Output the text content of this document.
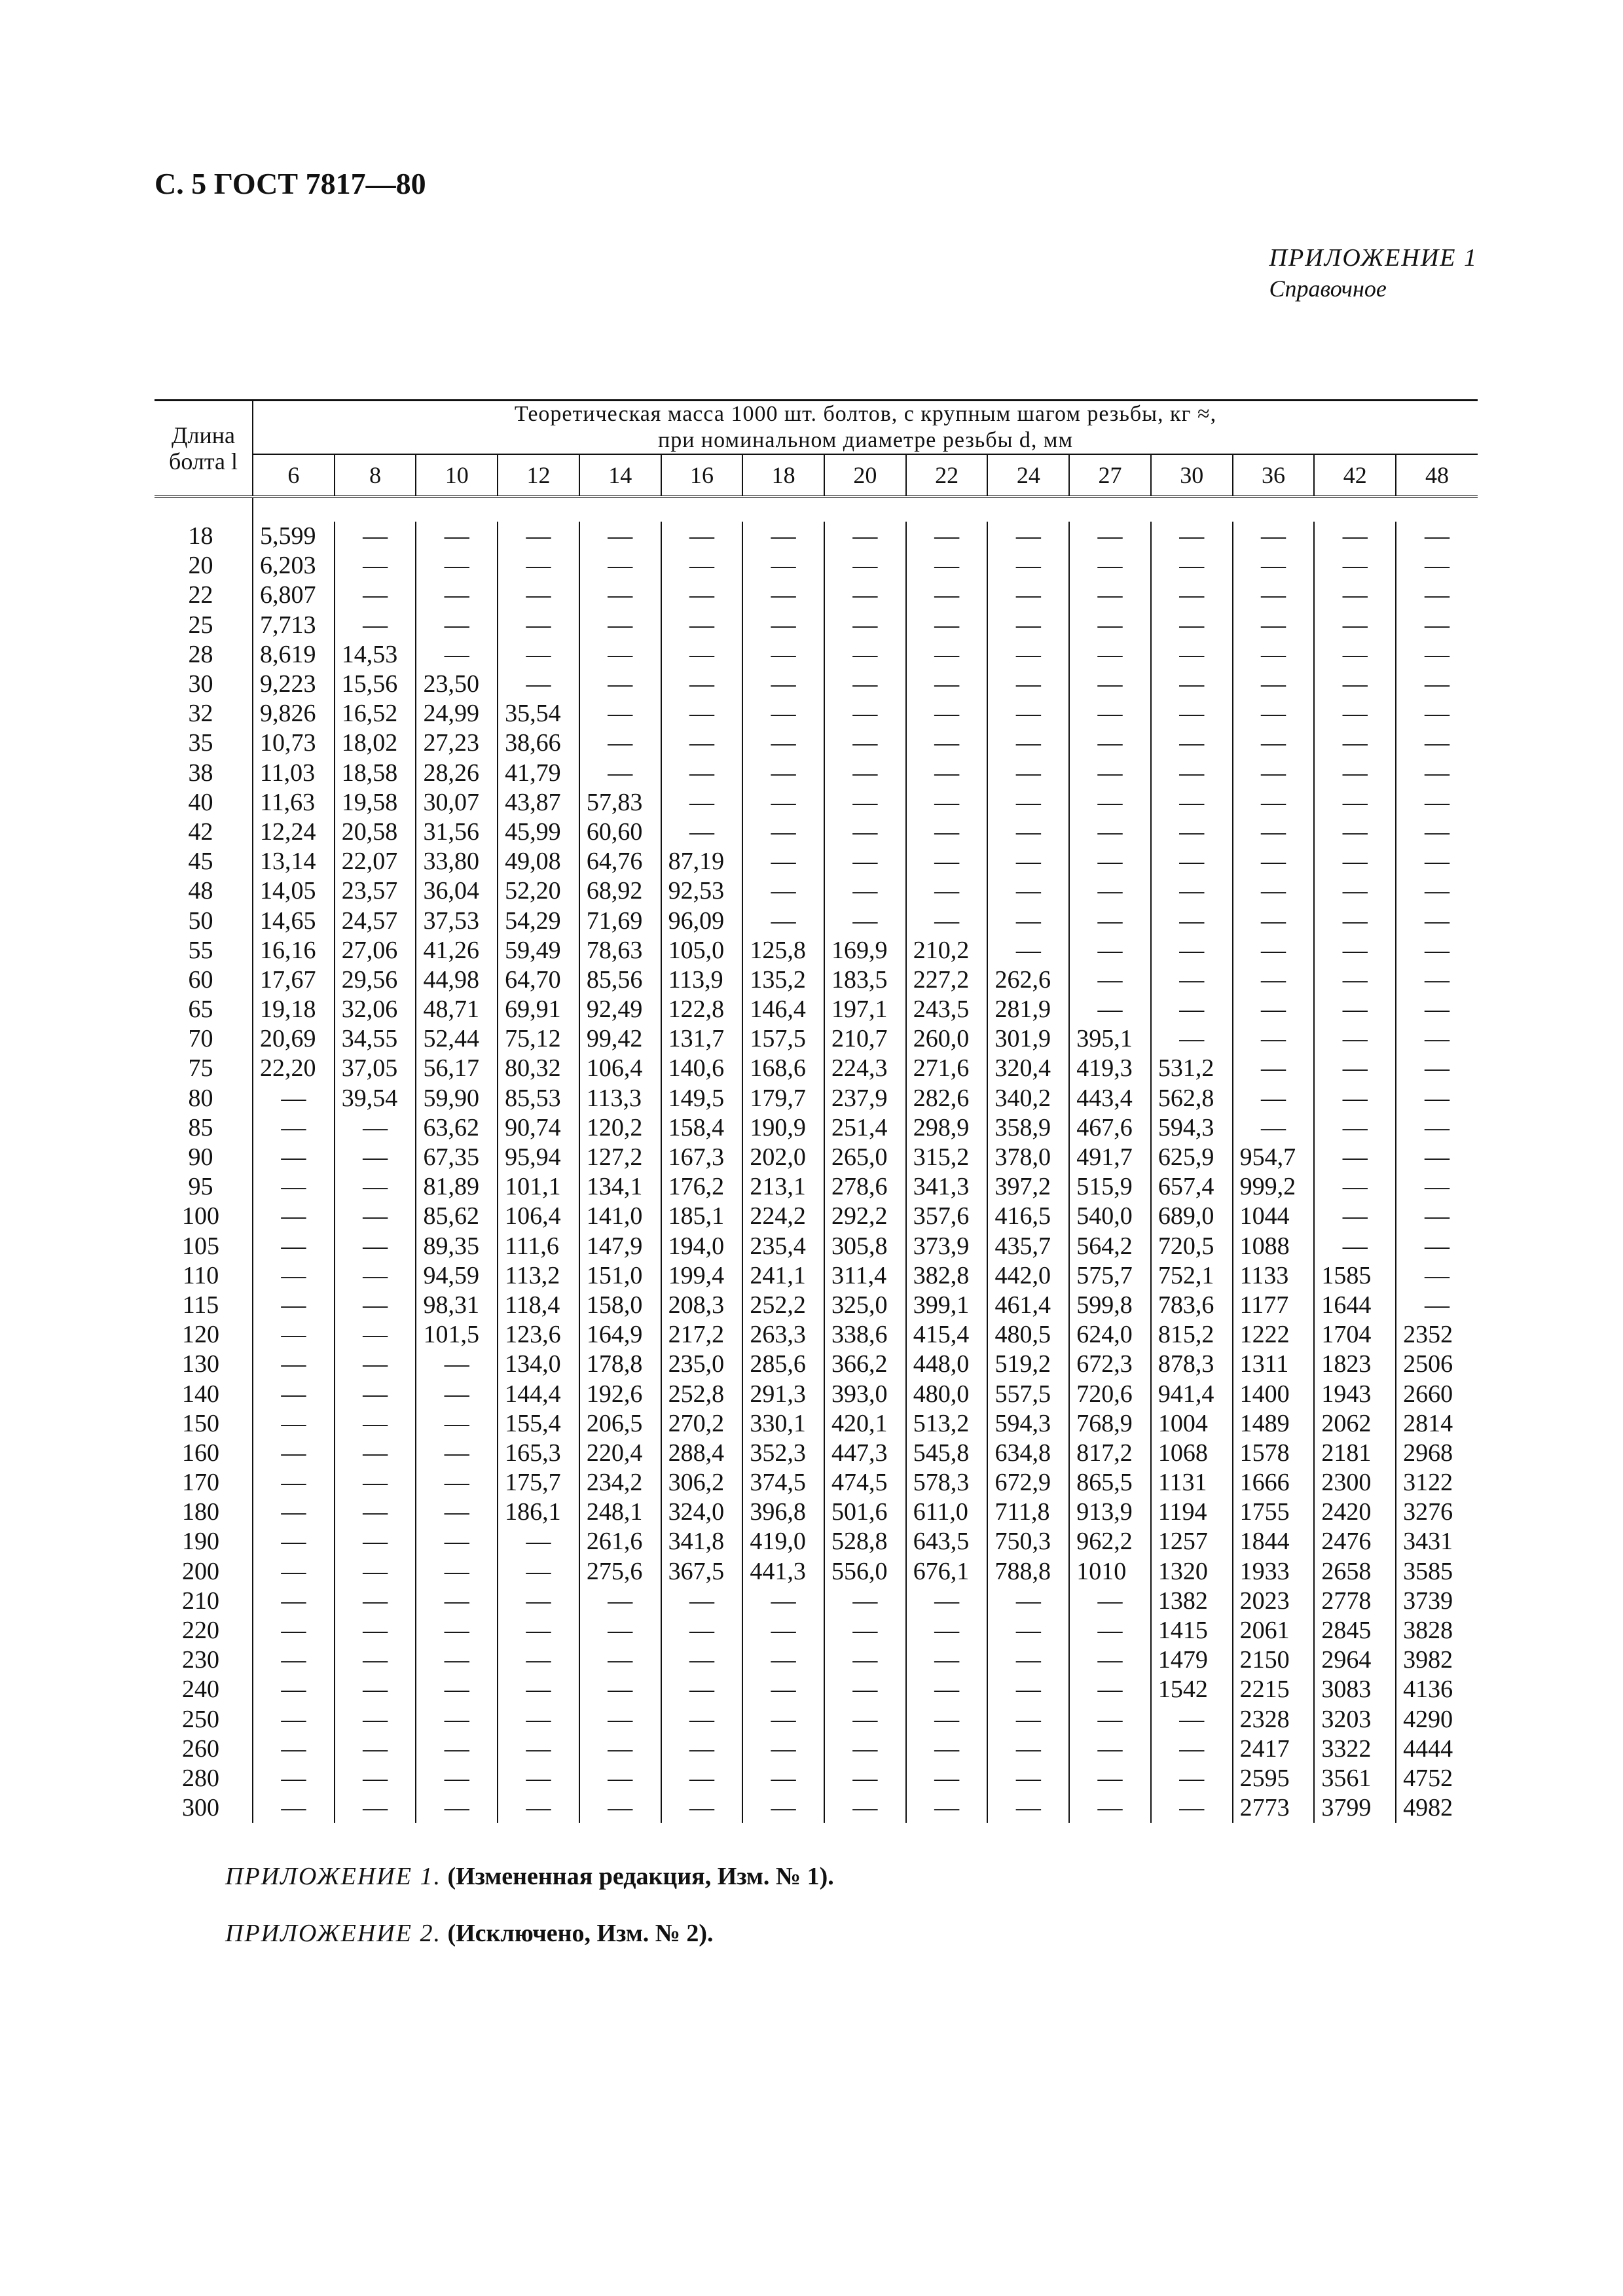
С. 5 ГОСТ 7817—80
ПРИЛОЖЕНИЕ 1
Справочное
Длина болта l	Теоретическая масса 1000 шт. болтов, с крупным шагом резьбы, кг ≈,
при номинальном диаметре резьбы d, мм														

	6	8	10	12	14	16	18	20	22	24	27	30	36	42	48

18	5,599	—	—	—	—	—	—	—	—	—	—	—	—	—	—
20	6,203	—	—	—	—	—	—	—	—	—	—	—	—	—	—
22	6,807	—	—	—	—	—	—	—	—	—	—	—	—	—	—
25	7,713	—	—	—	—	—	—	—	—	—	—	—	—	—	—
28	8,619	14,53	—	—	—	—	—	—	—	—	—	—	—	—	—
30	9,223	15,56	23,50	—	—	—	—	—	—	—	—	—	—	—	—
32	9,826	16,52	24,99	35,54	—	—	—	—	—	—	—	—	—	—	—
35	10,73	18,02	27,23	38,66	—	—	—	—	—	—	—	—	—	—	—
38	11,03	18,58	28,26	41,79	—	—	—	—	—	—	—	—	—	—	—
40	11,63	19,58	30,07	43,87	57,83	—	—	—	—	—	—	—	—	—	—
42	12,24	20,58	31,56	45,99	60,60	—	—	—	—	—	—	—	—	—	—
45	13,14	22,07	33,80	49,08	64,76	87,19	—	—	—	—	—	—	—	—	—
48	14,05	23,57	36,04	52,20	68,92	92,53	—	—	—	—	—	—	—	—	—
50	14,65	24,57	37,53	54,29	71,69	96,09	—	—	—	—	—	—	—	—	—
55	16,16	27,06	41,26	59,49	78,63	105,0	125,8	169,9	210,2	—	—	—	—	—	—
60	17,67	29,56	44,98	64,70	85,56	113,9	135,2	183,5	227,2	262,6	—	—	—	—	—
65	19,18	32,06	48,71	69,91	92,49	122,8	146,4	197,1	243,5	281,9	—	—	—	—	—
70	20,69	34,55	52,44	75,12	99,42	131,7	157,5	210,7	260,0	301,9	395,1	—	—	—	—
75	22,20	37,05	56,17	80,32	106,4	140,6	168,6	224,3	271,6	320,4	419,3	531,2	—	—	—
80	—	39,54	59,90	85,53	113,3	149,5	179,7	237,9	282,6	340,2	443,4	562,8	—	—	—
85	—	—	63,62	90,74	120,2	158,4	190,9	251,4	298,9	358,9	467,6	594,3	—	—	—
90	—	—	67,35	95,94	127,2	167,3	202,0	265,0	315,2	378,0	491,7	625,9	954,7	—	—
95	—	—	81,89	101,1	134,1	176,2	213,1	278,6	341,3	397,2	515,9	657,4	999,2	—	—
100	—	—	85,62	106,4	141,0	185,1	224,2	292,2	357,6	416,5	540,0	689,0	1044	—	—
105	—	—	89,35	111,6	147,9	194,0	235,4	305,8	373,9	435,7	564,2	720,5	1088	—	—
110	—	—	94,59	113,2	151,0	199,4	241,1	311,4	382,8	442,0	575,7	752,1	1133	1585	—
115	—	—	98,31	118,4	158,0	208,3	252,2	325,0	399,1	461,4	599,8	783,6	1177	1644	—
120	—	—	101,5	123,6	164,9	217,2	263,3	338,6	415,4	480,5	624,0	815,2	1222	1704	2352
130	—	—	—	134,0	178,8	235,0	285,6	366,2	448,0	519,2	672,3	878,3	1311	1823	2506
140	—	—	—	144,4	192,6	252,8	291,3	393,0	480,0	557,5	720,6	941,4	1400	1943	2660
150	—	—	—	155,4	206,5	270,2	330,1	420,1	513,2	594,3	768,9	1004	1489	2062	2814
160	—	—	—	165,3	220,4	288,4	352,3	447,3	545,8	634,8	817,2	1068	1578	2181	2968
170	—	—	—	175,7	234,2	306,2	374,5	474,5	578,3	672,9	865,5	1131	1666	2300	3122
180	—	—	—	186,1	248,1	324,0	396,8	501,6	611,0	711,8	913,9	1194	1755	2420	3276
190	—	—	—	—	261,6	341,8	419,0	528,8	643,5	750,3	962,2	1257	1844	2476	3431
200	—	—	—	—	275,6	367,5	441,3	556,0	676,1	788,8	1010	1320	1933	2658	3585
210	—	—	—	—	—	—	—	—	—	—	—	1382	2023	2778	3739
220	—	—	—	—	—	—	—	—	—	—	—	1415	2061	2845	3828
230	—	—	—	—	—	—	—	—	—	—	—	1479	2150	2964	3982
240	—	—	—	—	—	—	—	—	—	—	—	1542	2215	3083	4136
250	—	—	—	—	—	—	—	—	—	—	—	—	2328	3203	4290
260	—	—	—	—	—	—	—	—	—	—	—	—	2417	3322	4444
280	—	—	—	—	—	—	—	—	—	—	—	—	2595	3561	4752
300	—	—	—	—	—	—	—	—	—	—	—	—	2773	3799	4982
ПРИЛОЖЕНИЕ 1. (Измененная редакция, Изм. № 1).
ПРИЛОЖЕНИЕ 2. (Исключено, Изм. № 2).
